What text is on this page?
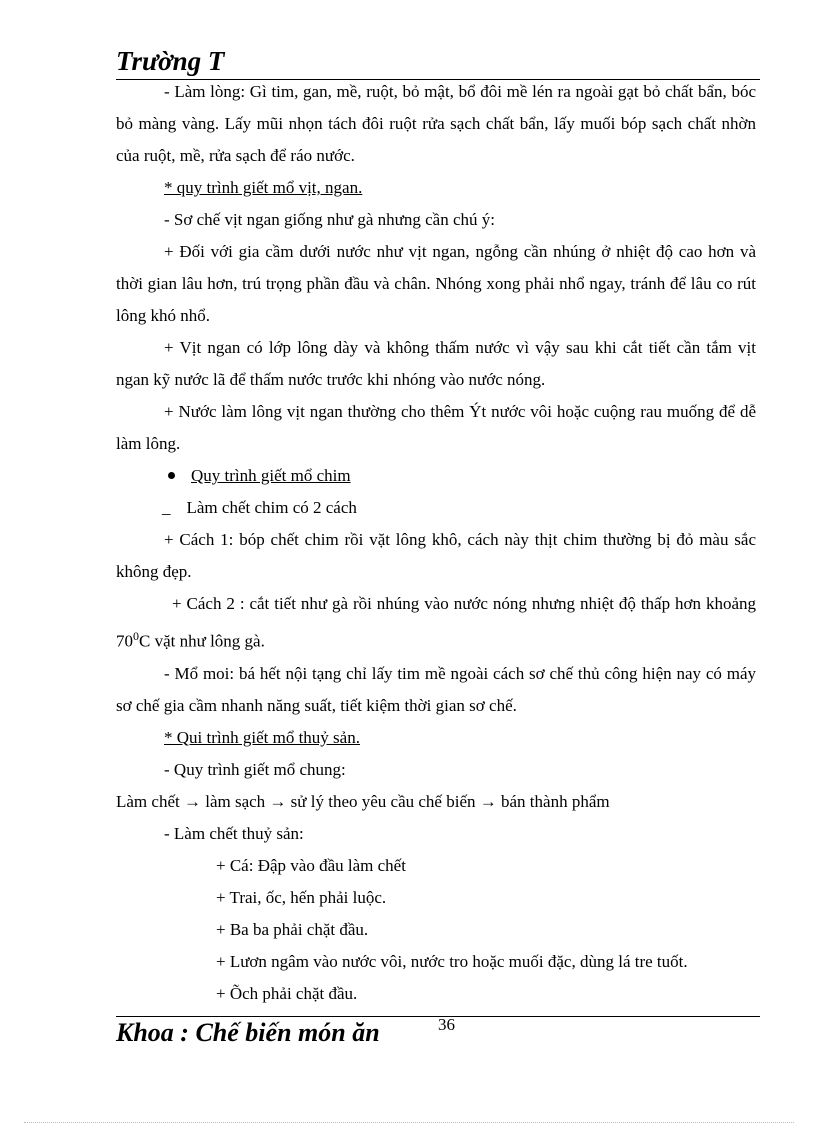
Trường T

- Làm lòng: Gì tim, gan, mề, ruột, bỏ mật, bổ đôi mề lén ra ngoài gạt bỏ chất bẩn, bóc bỏ màng vàng. Lấy mũi nhọn tách đôi ruột rửa sạch chất bẩn, lấy muối bóp sạch chất nhờn của ruột, mề, rửa sạch để ráo nước.

* quy trình giết mổ vịt, ngan.

- Sơ chế vịt ngan giống như gà nhưng cần chú ý:

+ Đối với gia cầm dưới nước như vịt ngan, ngỗng cần nhúng ở nhiệt độ cao hơn và thời gian lâu hơn, trú trọng phần đầu và chân. Nhóng xong phải nhổ ngay, tránh để lâu co rút lông khó nhổ.

+ Vịt ngan có lớp lông dày và không thấm nước vì vậy sau khi cắt tiết cần tắm vịt ngan kỹ nước lã để thấm nước trước khi nhóng vào nước nóng.

+ Nước làm lông vịt ngan thường cho thêm Ýt nước vôi hoặc cuộng rau muống để dễ làm lông.

Quy trình giết mổ chim

_ Làm chết chim có 2 cách

+ Cách 1: bóp chết chim rồi vặt lông khô, cách này thịt chim thường bị đỏ màu sắc không đẹp.

+ Cách 2 : cắt tiết như gà rồi nhúng vào nước nóng nhưng nhiệt độ thấp hơn khoảng $70^0C$ vặt như lông gà.

- Mổ moi: bá hết nội tạng chỉ lấy tim mề ngoài cách sơ chế thủ công hiện nay có máy sơ chế gia cầm nhanh năng suất, tiết kiệm thời gian sơ chế.

* Qui trình giết mổ thuỷ sản.

- Quy trình giết mổ chung:

Làm chết → làm sạch → sử lý theo yêu cầu chế biến → bán thành phẩm

- Làm chết thuỷ sản:

+ Cá: Đập vào đầu làm chết

+ Trai, ốc, hến phải luộc.

+ Ba ba phải chặt đầu.

+ Lươn ngâm vào nước vôi, nước tro hoặc muối đặc, dùng lá tre tuốt.

+ Õch phải chặt đầu.

Khoa : Chế biến món ăn	36
